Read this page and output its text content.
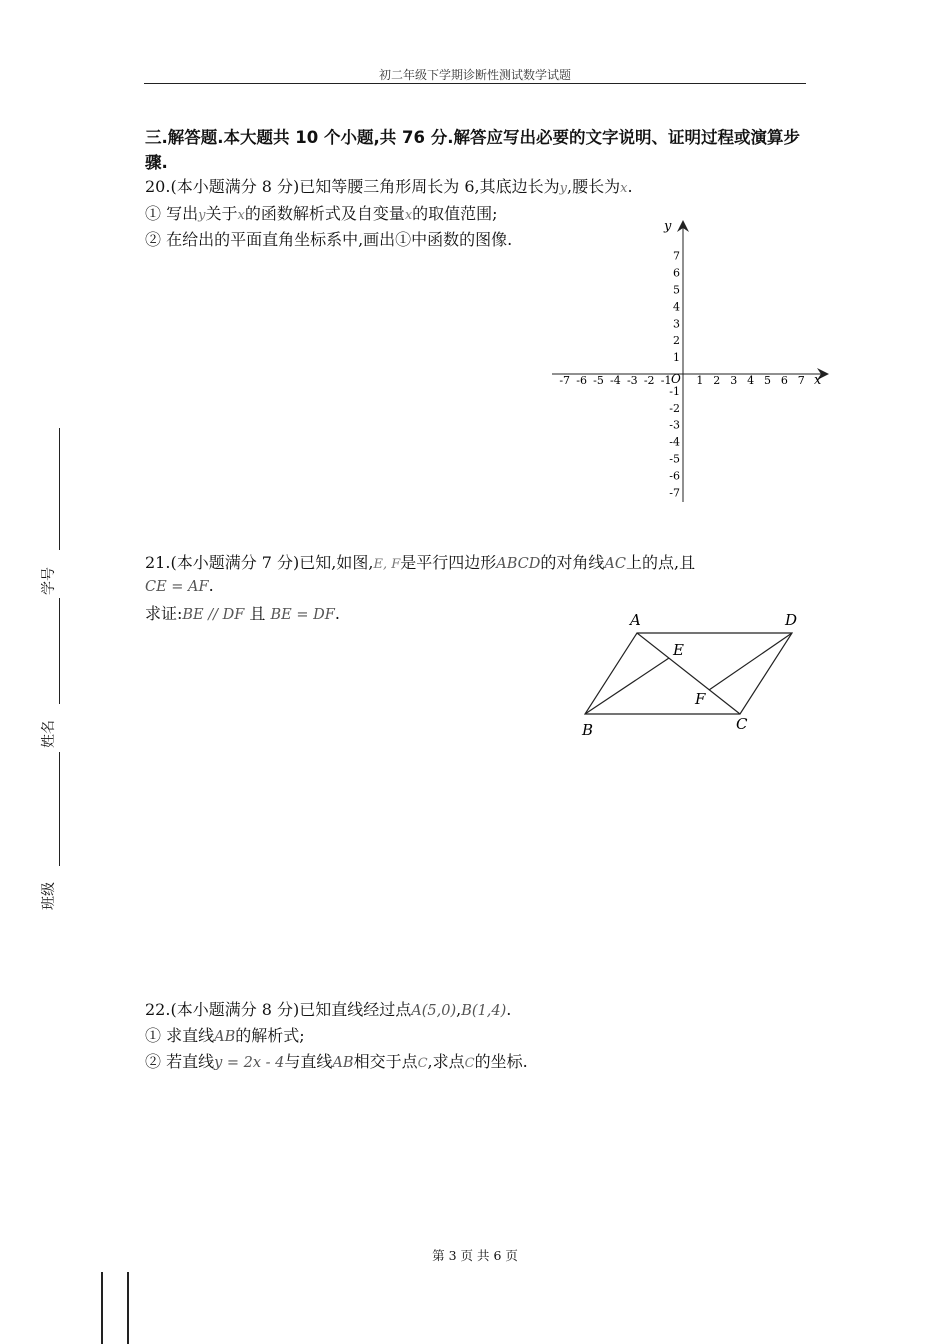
初二年级下学期诊断性测试数学试题
三.解答题.本大题共 10 个小题,共 76 分.解答应写出必要的文字说明、证明过程或演算步骤.
20.(本小题满分 8 分)已知等腰三角形周长为 6,其底边长为y,腰长为x.
① 写出y关于x的函数解析式及自变量x的取值范围;
② 在给出的平面直角坐标系中,画出①中函数的图像.
-7 -6 -5 -4 -3 -2 -1 1 2 3 4 5 6 7
7
6
5
4
3
2
1
-1
-2
-3
-4
-5
-6
-7
x
y
O
21.(本小题满分 7 分)已知,如图,E, F是平行四边形ABCD的对角线AC上的点,且
CE = AF.
求证:BE // DF 且 BE = DF.	A	D
E
F
B	C
22.(本小题满分 8 分)已知直线经过点A(5,0),B(1,4).
① 求直线AB的解析式;
② 若直线y = 2x - 4与直线AB相交于点C,求点C的坐标.
学号
姓名
班级
第 3 页 共 6 页
